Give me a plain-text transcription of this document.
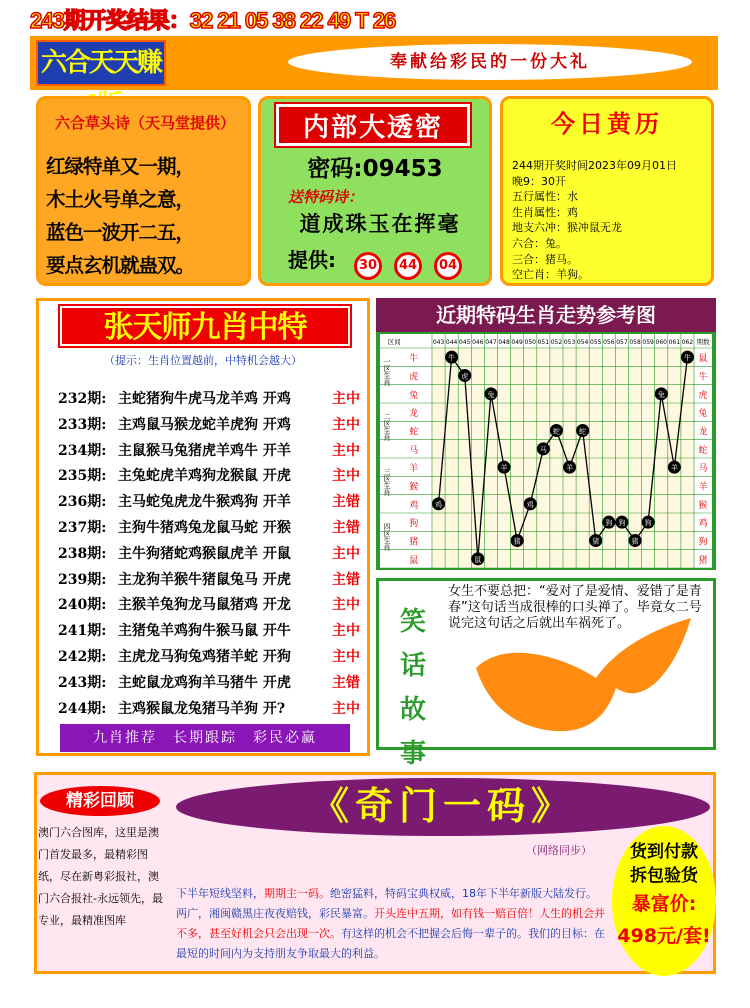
243期开奖结果：32 21 05 38 22 49 T 26
六合天天赚	奉献给彩民的一份大礼
六合草头诗（天马堂提供）
红绿特单又一期，
木土火号单之意，
蓝色一波开二五，
要点玄机就蛊双。
内部大透密
密码:09453
送特码诗：
道成珠玉在挥毫
提供:	30	44	04
今日黄历
244期开奖时间2023年09月01日
晚9：30开
五行属性：水
生肖属性：鸡
地支六冲：猴冲鼠无龙
六合：兔。
三合：猪马。
空亡肖：羊狗。
张天师九肖中特
（提示：生肖位置越前，中特机会越大）
232期: 主蛇猪狗牛虎马龙羊鸡 开鸡	主中
233期: 主鸡鼠马猴龙蛇羊虎狗 开鸡	主中
234期: 主鼠猴马兔猪虎羊鸡牛 开羊	主中
235期: 主兔蛇虎羊鸡狗龙猴鼠 开虎	主中
236期: 主马蛇兔虎龙牛猴鸡狗 开羊	主错
237期: 主狗牛猪鸡兔龙鼠马蛇 开猴	主错
238期: 主牛狗猪蛇鸡猴鼠虎羊 开鼠	主中
239期: 主龙狗羊猴牛猪鼠兔马 开虎	主错
240期: 主猴羊兔狗龙马鼠猪鸡 开龙	主中
241期: 主猪兔羊鸡狗牛猴马鼠 开牛	主中
242期: 主虎龙马狗兔鸡猪羊蛇 开狗	主中
243期: 主蛇鼠龙鸡狗羊马猪牛 开虎	主错
244期: 主鸡猴鼠龙兔猪马羊狗 开?	主中
九肖推荐　长期跟踪　彩民必赢
近期特码生肖走势参考图
区间	期数
043 044 045 046 047 048 049 050 051 052 053 054 055 056 057 058 059 060 061 062
一区生肖
二区生肖
三区生肖
四区生肖
牛
虎
兔
龙
蛇
马
羊
猴
鸡
狗
猪
鼠
鼠
牛
虎
兔
龙
蛇
马
羊
猴
鸡
狗
猪
鸡
牛
虎
鼠
兔
羊
猪
鸡
马
蛇
羊
蛇
猪
狗 狗
猪
狗
兔
羊
牛
笑
话
故
事
女生不要总把：“爱对了是爱情、爱错了是青春”这句话当成很棒的口头禅了。毕竟女二号说完这句话之后就出车祸死了。
精彩回顾
澳门六合图库，这里是澳门首发最多，最精彩图纸，尽在新粤彩报社，澳门六合报社-永远领先，最专业，最精准图库
《奇门一码》
（网络同步）	货到付款
拆包验货
暴富价:
498元/套!
下半年短线坚料，期期主一码。绝密猛料，特码宝典权威，18年下半年新版大陆发行。两广，湘闽赣黑庄夜夜赔钱，彩民暴富。开头连中五期，如有钱一赔百倍！人生的机会并不多，甚至好机会只会出现一次。有这样的机会不把握会后悔一辈子的。我们的目标：在最短的时间内为支持朋友争取最大的利益。
